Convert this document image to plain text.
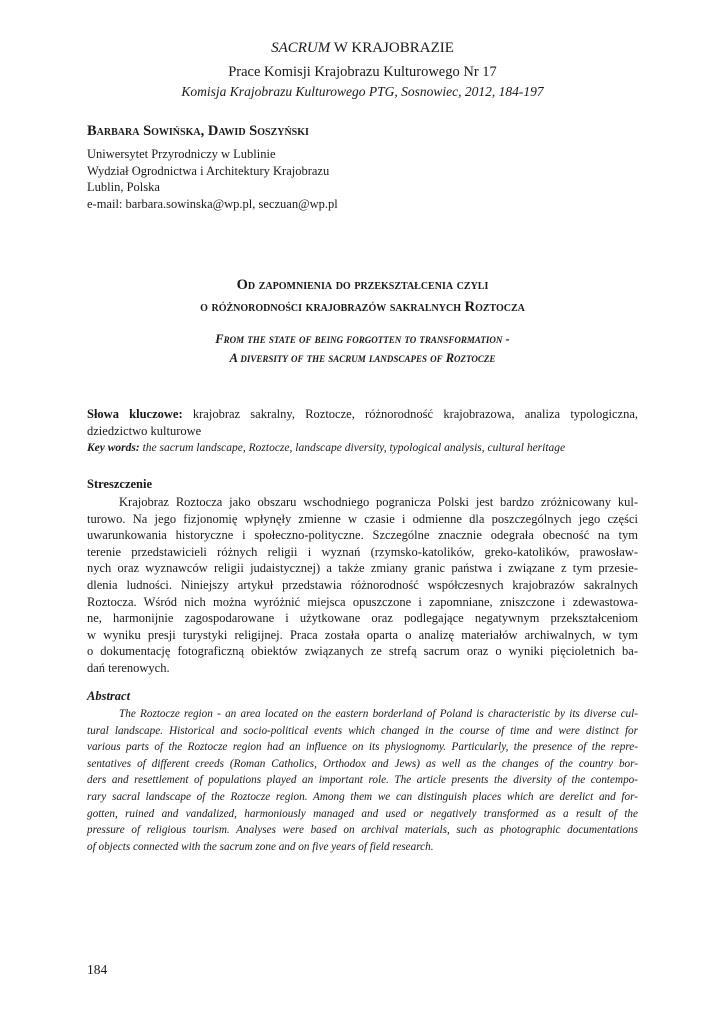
SACRUM W KRAJOBRAZIE
Prace Komisji Krajobrazu Kulturowego Nr 17
Komisja Krajobrazu Kulturowego PTG, Sosnowiec, 2012, 184-197
Barbara Sowińska, Dawid Soszyński
Uniwersytet Przyrodniczy w Lublinie
Wydział Ogrodnictwa i Architektury Krajobrazu
Lublin, Polska
e-mail: barbara.sowinska@wp.pl, seczuan@wp.pl
Od zapomnienia do przekształcenia czyli
o różnorodności krajobrazów sakralnych Roztocza
From the state of being forgotten to transformation -
A diversity of the sacrum landscapes of Roztocze
Słowa kluczowe: krajobraz sakralny, Roztocze, różnorodność krajobrazowa, analiza typologiczna,
dziedzictwo kulturowe
Key words: the sacrum landscape, Roztocze, landscape diversity, typological analysis, cultural heritage
Streszczenie
Krajobraz Roztocza jako obszaru wschodniego pogranicza Polski jest bardzo zróżnicowany kul-
turowo. Na jego fizjonomię wpłynęły zmienne w czasie i odmienne dla poszczególnych jego części
uwarunkowania historyczne i społeczno-polityczne. Szczególne znacznie odegrała obecność na tym
terenie przedstawicieli różnych religii i wyznań (rzymsko-katolików, greko-katolików, prawosław-
nych oraz wyznawców religii judaistycznej) a także zmiany granic państwa i związane z tym przesie-
dlenia ludności. Niniejszy artykuł przedstawia różnorodność współczesnych krajobrazów sakralnych
Roztocza. Wśród nich można wyróżnić miejsca opuszczone i zapomniane, zniszczone i zdewastowa-
ne, harmonijnie zagospodarowane i użytkowane oraz podlegające negatywnym przekształceniom
w wyniku presji turystyki religijnej. Praca została oparta o analizę materiałów archiwalnych, w tym
o dokumentację fotograficzną obiektów związanych ze strefą sacrum oraz o wyniki pięcioletnich ba-
dań terenowych.
Abstract
The Roztocze region - an area located on the eastern borderland of Poland is characteristic by its diverse cul-
tural landscape. Historical and socio-political events which changed in the course of time and were distinct for
various parts of the Roztocze region had an influence on its physiognomy. Particularly, the presence of the repre-
sentatives of different creeds (Roman Catholics, Orthodox and Jews) as well as the changes of the country bor-
ders and resettlement of populations played an important role. The article presents the diversity of the contempo-
rary sacral landscape of the Roztocze region. Among them we can distinguish places which are derelict and for-
gotten, ruined and vandalized, harmoniously managed and used or negatively transformed as a result of the
pressure of religious tourism. Analyses were based on archival materials, such as photographic documentations
of objects connected with the sacrum zone and on five years of field research.
184
